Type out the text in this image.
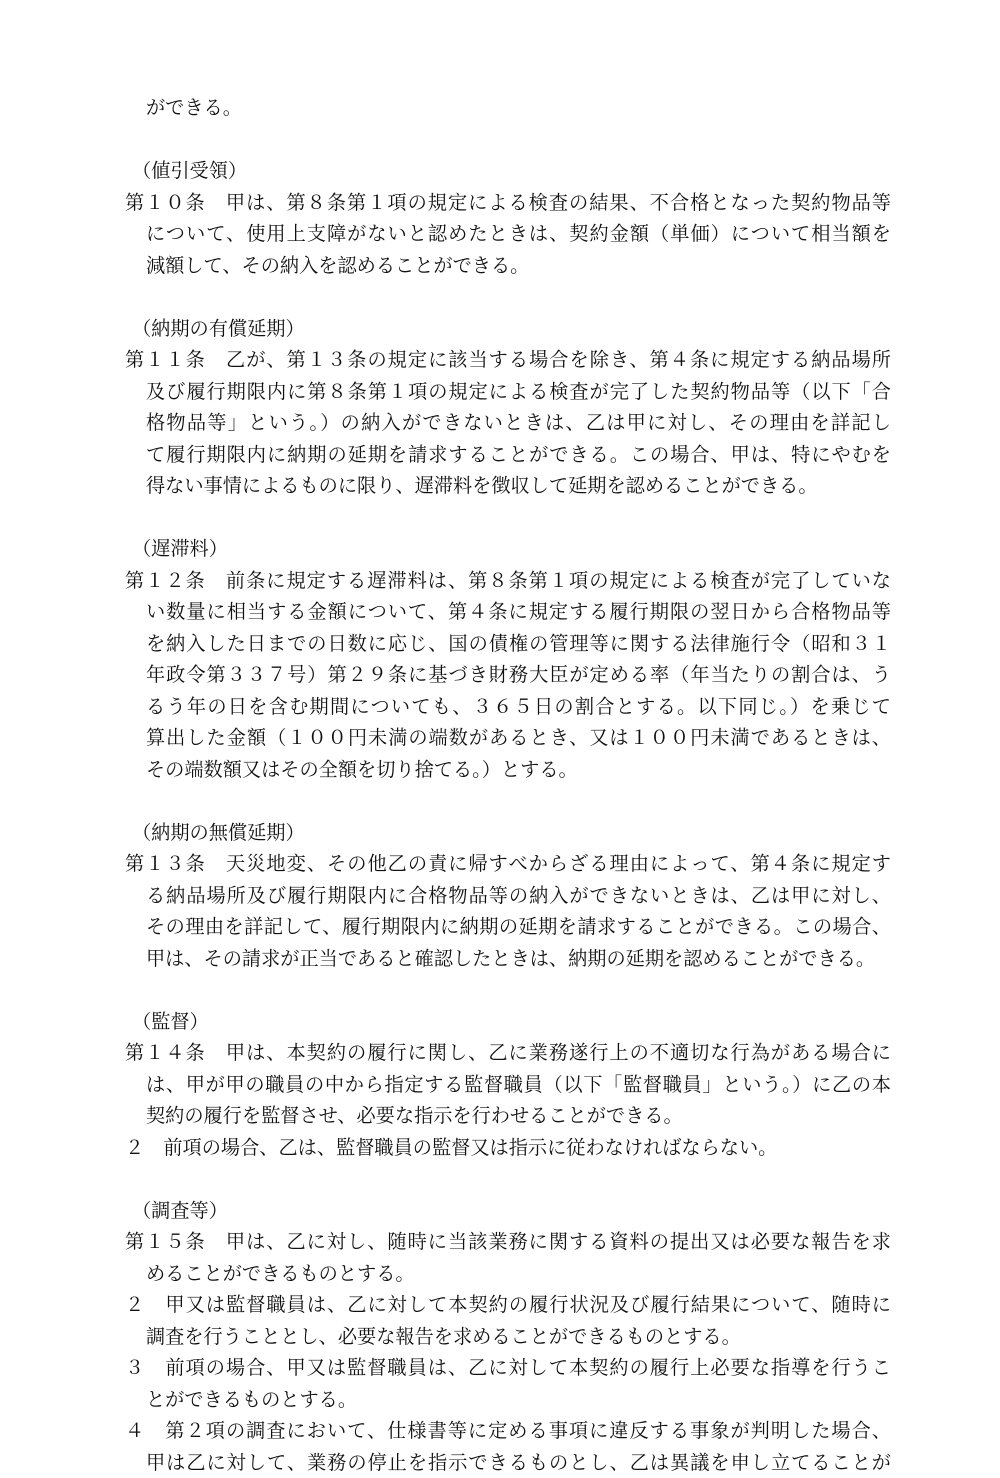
ができる。
（値引受領）
第１０条　甲は、第８条第１項の規定による検査の結果、不合格となった契約物品等
について、使用上支障がないと認めたときは、契約金額（単価）について相当額を
減額して、その納入を認めることができる。
（納期の有償延期）
第１１条　乙が、第１３条の規定に該当する場合を除き、第４条に規定する納品場所
及び履行期限内に第８条第１項の規定による検査が完了した契約物品等（以下「合
格物品等」という。）の納入ができないときは、乙は甲に対し、その理由を詳記し
て履行期限内に納期の延期を請求することができる。この場合、甲は、特にやむを
得ない事情によるものに限り、遅滞料を徴収して延期を認めることができる。
（遅滞料）
第１２条　前条に規定する遅滞料は、第８条第１項の規定による検査が完了していな
い数量に相当する金額について、第４条に規定する履行期限の翌日から合格物品等
を納入した日までの日数に応じ、国の債権の管理等に関する法律施行令（昭和３１
年政令第３３７号）第２９条に基づき財務大臣が定める率（年当たりの割合は、う
るう年の日を含む期間についても、３６５日の割合とする。以下同じ。）を乗じて
算出した金額（１００円未満の端数があるとき、又は１００円未満であるときは、
その端数額又はその全額を切り捨てる。）とする。
（納期の無償延期）
第１３条　天災地変、その他乙の責に帰すべからざる理由によって、第４条に規定す
る納品場所及び履行期限内に合格物品等の納入ができないときは、乙は甲に対し、
その理由を詳記して、履行期限内に納期の延期を請求することができる。この場合、
甲は、その請求が正当であると確認したときは、納期の延期を認めることができる。
（監督）
第１４条　甲は、本契約の履行に関し、乙に業務遂行上の不適切な行為がある場合に
は、甲が甲の職員の中から指定する監督職員（以下「監督職員」という。）に乙の本
契約の履行を監督させ、必要な指示を行わせることができる。
２　前項の場合、乙は、監督職員の監督又は指示に従わなければならない。
（調査等）
第１５条　甲は、乙に対し、随時に当該業務に関する資料の提出又は必要な報告を求
めることができるものとする。
２　甲又は監督職員は、乙に対して本契約の履行状況及び履行結果について、随時に
調査を行うこととし、必要な報告を求めることができるものとする。
３　前項の場合、甲又は監督職員は、乙に対して本契約の履行上必要な指導を行うこ
とができるものとする。
４　第２項の調査において、仕様書等に定める事項に違反する事象が判明した場合、
甲は乙に対して、業務の停止を指示できるものとし、乙は異議を申し立てることが
